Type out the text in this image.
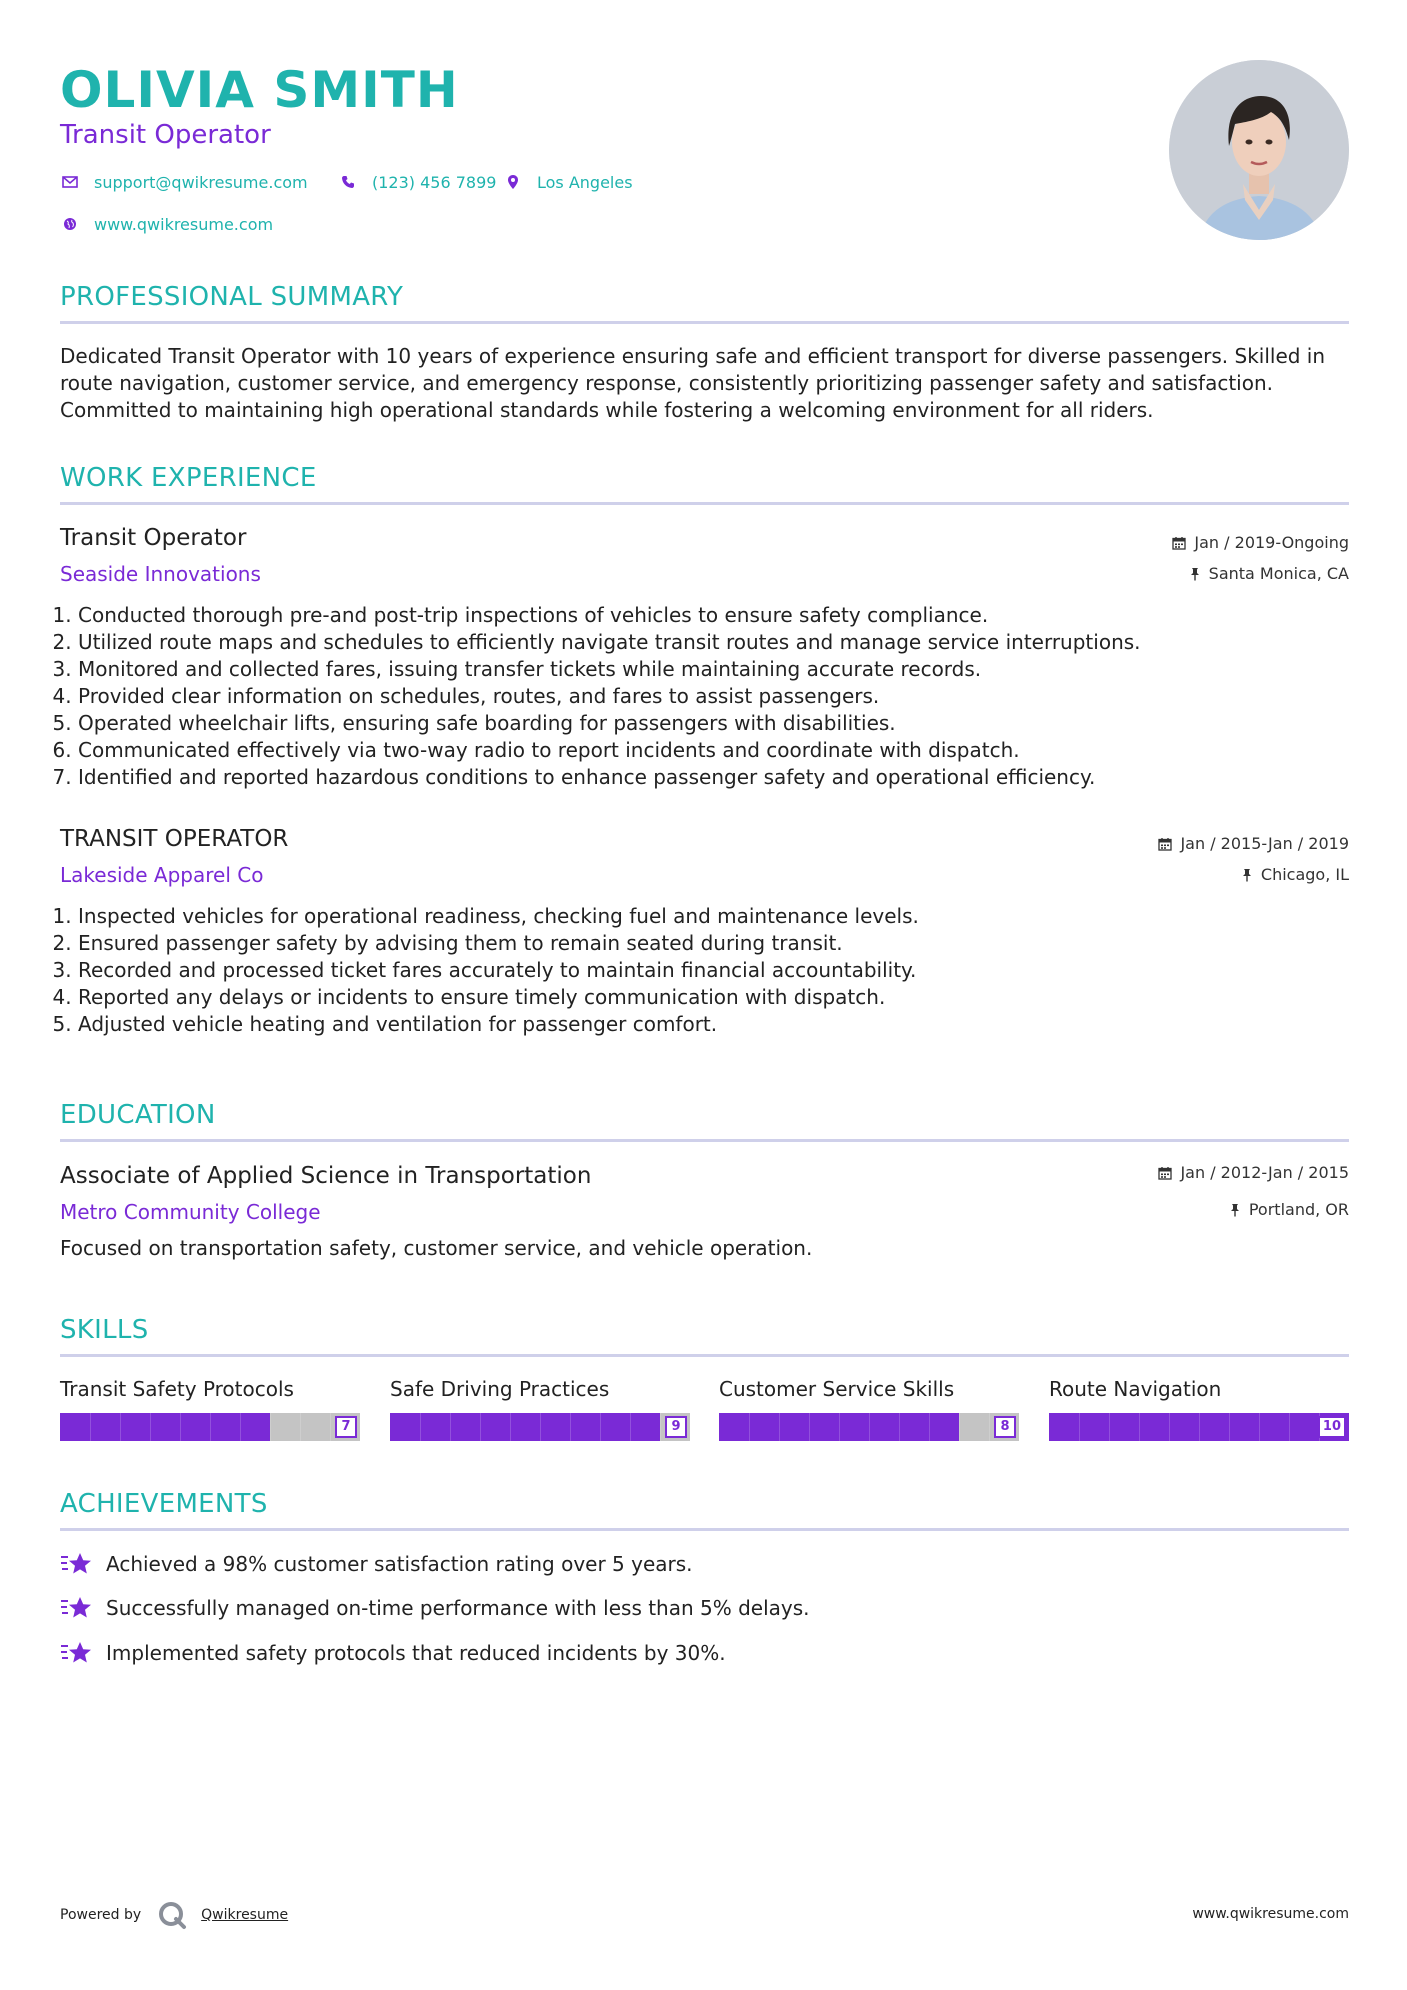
OLIVIA SMITH
Transit Operator
support@qwikresume.com	(123) 456 7899	Los Angeles
www.qwikresume.com
PROFESSIONAL SUMMARY
Dedicated Transit Operator with 10 years of experience ensuring safe and efficient transport for diverse passengers. Skilled in route navigation, customer service, and emergency response, consistently prioritizing passenger safety and satisfaction. Committed to maintaining high operational standards while fostering a welcoming environment for all riders.
WORK EXPERIENCE
Transit Operator
Seaside Innovations
Jan / 2019-Ongoing
Santa Monica, CA
1. Conducted thorough pre-and post-trip inspections of vehicles to ensure safety compliance.
2. Utilized route maps and schedules to efficiently navigate transit routes and manage service interruptions.
3. Monitored and collected fares, issuing transfer tickets while maintaining accurate records.
4. Provided clear information on schedules, routes, and fares to assist passengers.
5. Operated wheelchair lifts, ensuring safe boarding for passengers with disabilities.
6. Communicated effectively via two-way radio to report incidents and coordinate with dispatch.
7. Identified and reported hazardous conditions to enhance passenger safety and operational efficiency.
TRANSIT OPERATOR
Lakeside Apparel Co
Jan / 2015-Jan / 2019
Chicago, IL
1. Inspected vehicles for operational readiness, checking fuel and maintenance levels.
2. Ensured passenger safety by advising them to remain seated during transit.
3. Recorded and processed ticket fares accurately to maintain financial accountability.
4. Reported any delays or incidents to ensure timely communication with dispatch.
5. Adjusted vehicle heating and ventilation for passenger comfort.
EDUCATION
Associate of Applied Science in Transportation
Metro Community College
Jan / 2012-Jan / 2015
Portland, OR
Focused on transportation safety, customer service, and vehicle operation.
SKILLS
Transit Safety Protocols
7
Safe Driving Practices
9
Customer Service Skills
8
Route Navigation
10
ACHIEVEMENTS
Achieved a 98% customer satisfaction rating over 5 years.
Successfully managed on-time performance with less than 5% delays.
Implemented safety protocols that reduced incidents by 30%.
Powered by	Qwikresume	www.qwikresume.com
